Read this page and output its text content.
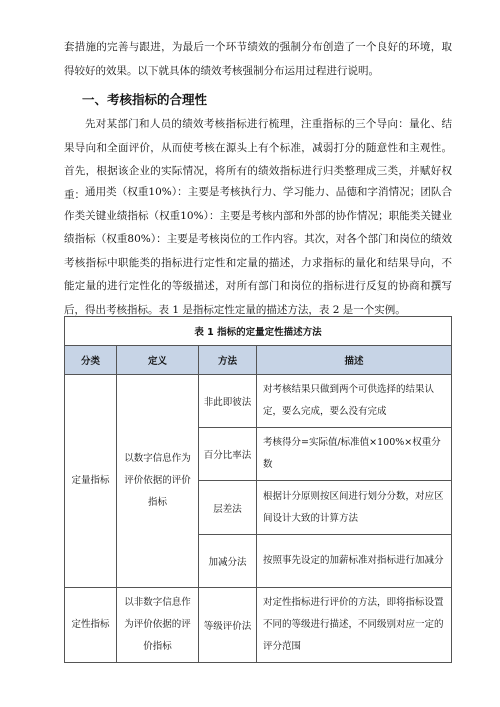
套措施的完善与跟进，为最后一个环节绩效的强制分布创造了一个良好的环境，取得较好的效果。以下就具体的绩效考核强制分布运用过程进行说明。

一、考核指标的合理性

先对某部门和人员的绩效考核指标进行梳理，注重指标的三个导向：量化、结果导向和全面评价，从而使考核在源头上有个标准，减弱打分的随意性和主观性。首先，根据该企业的实际情况，将所有的绩效指标进行归类整理成三类，并赋好权重： 通用类（权重10%）：主要是考核执行力、学习能力、品德和字消情况；团队合作类关键业绩指标（权重10%）：主要是考核内部和外部的协作情况；职能类关键业绩指标（权重80%）：主要是考核岗位的工作内容。其次，对各个部门和岗位的绩效考核指标中职能类的指标进行定性和定量的描述，力求指标的量化和结果导向，不能定量的进行定性化的等级描述，对所有部门和岗位的指标进行反复的协商和撰写后，得出考核指标。表 1 是指标定性定量的描述方法，表 2 是一个实例。

表 1 指标的定量定性描述方法			
分类	定义	方法	描述
定量指标	以数字信息作为评价依据的评价指标	非此即彼法	对考核结果只做到两个可供选择的结果认定，要么完成，要么没有完成
		百分比率法	考核得分=实际值/标准值×100%×权重分数
		层差法	根据计分原则按区间进行划分分数，对应区间设计大致的计算方法
		加减分法	按照事先设定的加薪标准对指标进行加减分
定性指标	以非数字信息作为评价依据的评价指标	等级评价法	对定性指标进行评价的方法，即将指标设置不同的等级进行描述，不同级别对应一定的评分范围
